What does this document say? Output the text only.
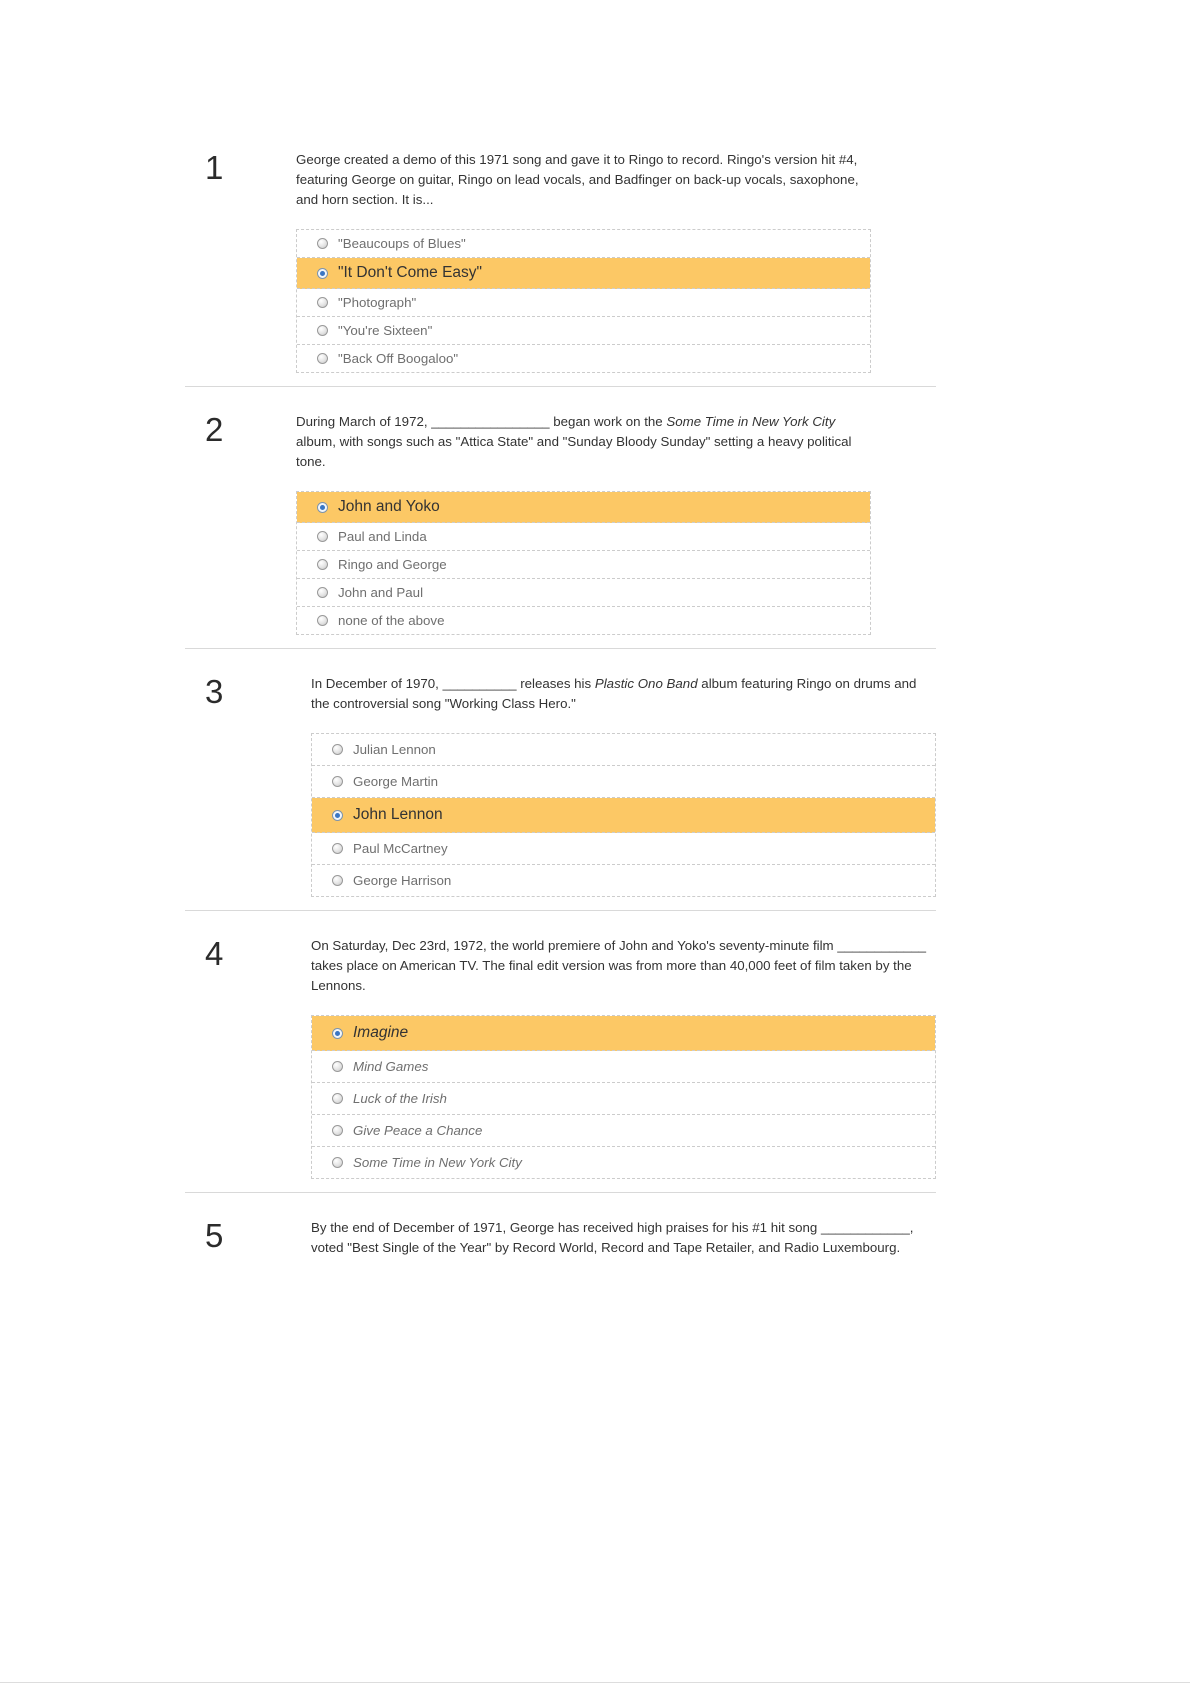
1	George created a demo of this 1971 song and gave it to Ringo to record. Ringo's version hit #4, featuring George on guitar, Ringo on lead vocals, and Badfinger on back-up vocals, saxophone, and horn section. It is...
"Beaucoups of Blues"
"It Don't Come Easy"
"Photograph"
"You're Sixteen"
"Back Off Boogaloo"
2	During March of 1972, ________________ began work on the Some Time in New York City album, with songs such as "Attica State" and "Sunday Bloody Sunday" setting a heavy political tone.
John and Yoko
Paul and Linda
Ringo and George
John and Paul
none of the above
3	In December of 1970, __________ releases his Plastic Ono Band album featuring Ringo on drums and the controversial song "Working Class Hero."
Julian Lennon
George Martin
John Lennon
Paul McCartney
George Harrison
4	On Saturday, Dec 23rd, 1972, the world premiere of John and Yoko's seventy-minute film ____________ takes place on American TV. The final edit version was from more than 40,000 feet of film taken by the Lennons.
Imagine
Mind Games
Luck of the Irish
Give Peace a Chance
Some Time in New York City
5	By the end of December of 1971, George has received high praises for his #1 hit song ____________, voted "Best Single of the Year" by Record World, Record and Tape Retailer, and Radio Luxembourg.
